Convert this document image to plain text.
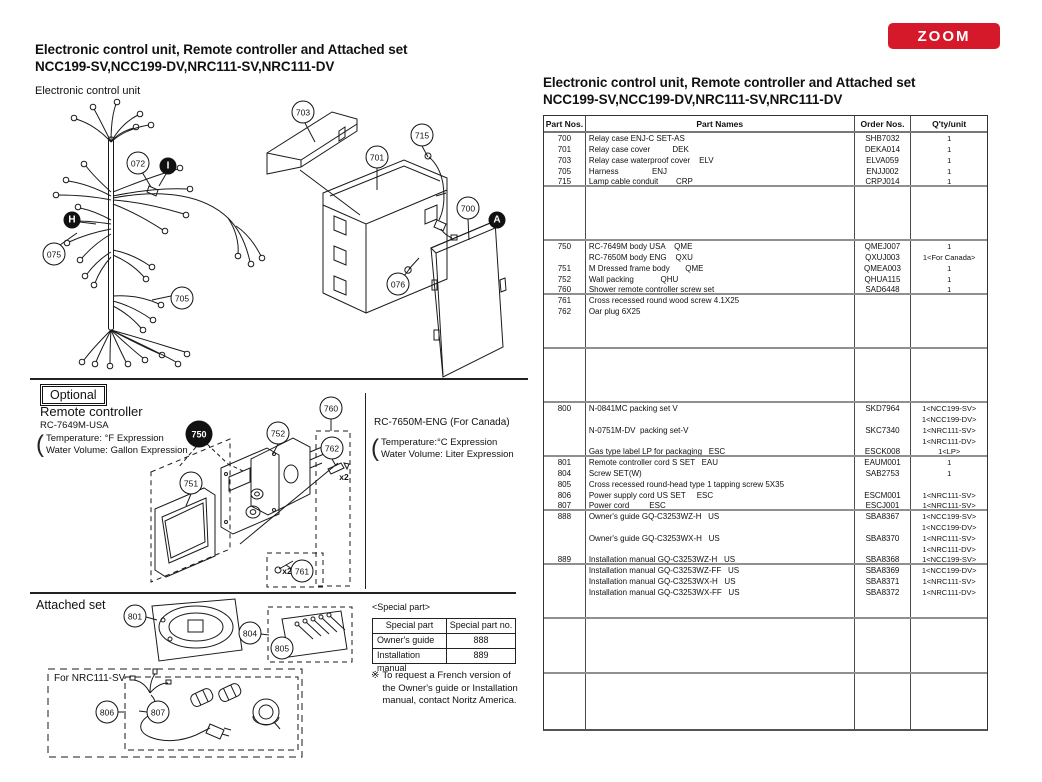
ZOOM
Electronic control unit, Remote controller and Attached set
NCC199-SV,NCC199-DV,NRC111-SV,NRC111-DV
Electronic control unit
Optional
Remote controller
RC-7649M-USA
( Temperature: °F Expression
Water Volume: Gallon Expression
RC-7650M-ENG (For Canada)
( Temperature:°C Expression
Water Volume: Liter Expression
Attached set
For NRC111-SV
<Special part>
Special part	Special part no.
Owner's guide	888
Installation manual
889
※ To request a French version of
the Owner's guide or Installation
manual, contact Noritz America.
Electronic control unit, Remote controller and Attached set
NCC199-SV,NCC199-DV,NRC111-SV,NRC111-DV
Part Nos.	Part Names	Order Nos.	Q'ty/unit
700	Relay case ENJ-C SET-AS	SHB7032	1
701	Relay case cover          DEK	DEKA014	1
703	Relay case waterproof cover    ELV	ELVA059	1
705	Harness               ENJ	ENJJ002	1
715	Lamp cable conduit        CRP	CRPJ014	1
750	RC-7649M body USA    QME	QMEJ007	1
RC-7650M body ENG    QXU	QXUJ003	1<For Canada>
751	M Dressed frame body       QME	QMEA003	1
752	Wall packing            QHU	QHUA115	1
760	Shower remote controller screw set	SAD6448	1
761	Cross recessed round wood screw 4.1X25
762	Oar plug 6X25
800	N-0841MC packing set V	SKD7964	1<NCC199-SV>
1<NCC199-DV>
N-0751M-DV  packing set-V	SKC7340	1<NRC111-SV>
1<NRC111-DV>
Gas type label LP for packaging   ESC	ESCK008	1<LP>
801	Remote controller cord S SET   EAU	EAUM001	1
804	Screw SET(W)	SAB2753	1
805	Cross recessed round-head type 1 tapping screw 5X35
806	Power supply cord US SET     ESC	ESCM001	1<NRC111-SV>
807	Power cord         ESC	ESCJ001	1<NRC111-SV>
888	Owner's guide GQ-C3253WZ-H   US	SBA8367	1<NCC199-SV>
1<NCC199-DV>
Owner's guide GQ-C3253WX-H   US	SBA8370	1<NRC111-SV>
1<NRC111-DV>
889	Installation manual GQ-C3253WZ-H   US	SBA8368	1<NCC199-SV>
Installation manual GQ-C3253WZ-FF   US	SBA8369	1<NCC199-DV>
Installation manual GQ-C3253WX-H   US	SBA8371	1<NRC111-SV>
Installation manual GQ-C3253WX-FF   US	SBA8372	1<NRC111-DV>
072	I
H
075
705
703
715
701
700
A
076
750	752
760
762
751
761
801
804
805
806	807
x2
x2
